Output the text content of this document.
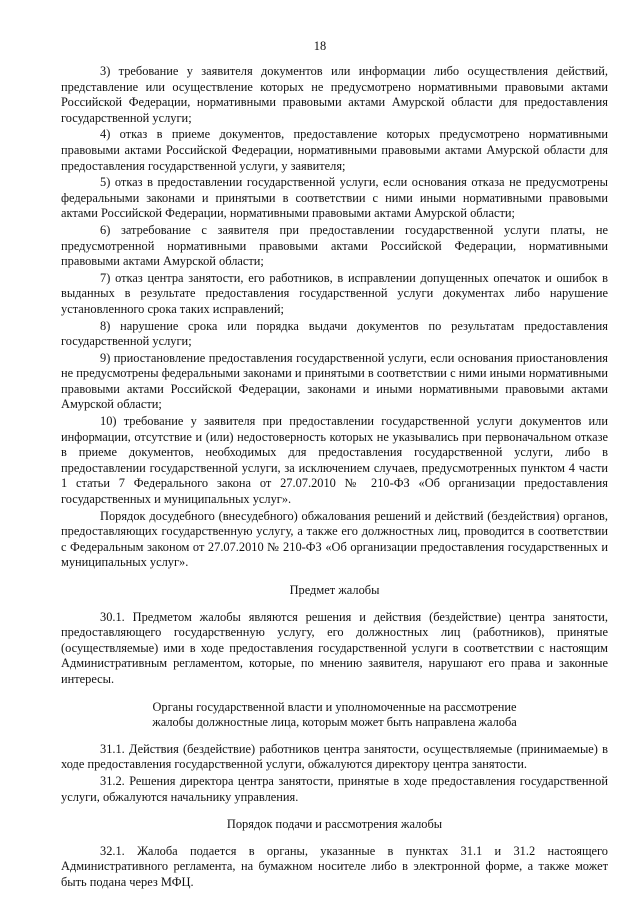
18

3) требование у заявителя документов или информации либо осуществления действий, представление или осуществление которых не предусмотрено нормативными правовыми актами Российской Федерации, нормативными правовыми актами Амурской области для предоставления государственной услуги;

4) отказ в приеме документов, предоставление которых предусмотрено нормативными правовыми актами Российской Федерации, нормативными правовыми актами Амурской области для предоставления государственной услуги, у заявителя;

5) отказ в предоставлении государственной услуги, если основания отказа не предусмотрены федеральными законами и принятыми в соответствии с ними иными нормативными правовыми актами Российской Федерации, нормативными правовыми актами Амурской области;

6) затребование с заявителя при предоставлении государственной услуги платы, не предусмотренной нормативными правовыми актами Российской Федерации, нормативными правовыми актами Амурской области;

7) отказ центра занятости, его работников, в исправлении допущенных опечаток и ошибок в выданных в результате предоставления государственной услуги документах либо нарушение установленного срока таких исправлений;

8) нарушение срока или порядка выдачи документов по результатам предоставления государственной услуги;

9) приостановление предоставления государственной услуги, если основания приостановления не предусмотрены федеральными законами и принятыми в соответствии с ними иными нормативными правовыми актами Российской Федерации, законами и иными нормативными правовыми актами Амурской области;

10) требование у заявителя при предоставлении государственной услуги документов или информации, отсутствие и (или) недостоверность которых не указывались при первоначальном отказе в приеме документов, необходимых для предоставления государственной услуги, либо в предоставлении государственной услуги, за исключением случаев, предусмотренных пунктом 4 части 1 статьи 7 Федерального закона от 27.07.2010 № 210-ФЗ «Об организации предоставления государственных и муниципальных услуг».

Порядок досудебного (внесудебного) обжалования решений и действий (бездействия) органов, предоставляющих государственную услугу, а также его должностных лиц, проводится в соответствии с Федеральным законом от 27.07.2010 № 210-ФЗ «Об организации предоставления государственных и муниципальных услуг».

Предмет жалобы

30.1. Предметом жалобы являются решения и действия (бездействие) центра занятости, предоставляющего государственную услугу, его должностных лиц (работников), принятые (осуществляемые) ими в ходе предоставления государственной услуги в соответствии с настоящим Административным регламентом, которые, по мнению заявителя, нарушают его права и законные интересы.

Органы государственной власти и уполномоченные на рассмотрение

жалобы должностные лица, которым может быть направлена жалоба

31.1. Действия (бездействие) работников центра занятости, осуществляемые (принимаемые) в ходе предоставления государственной услуги, обжалуются директору центра занятости.

31.2. Решения директора центра занятости, принятые в ходе предоставления государственной услуги, обжалуются начальнику управления.

Порядок подачи и рассмотрения жалобы

32.1. Жалоба подается в органы, указанные в пунктах 31.1 и 31.2 настоящего Административного регламента, на бумажном носителе либо в электронной форме, а также может быть подана через МФЦ.
